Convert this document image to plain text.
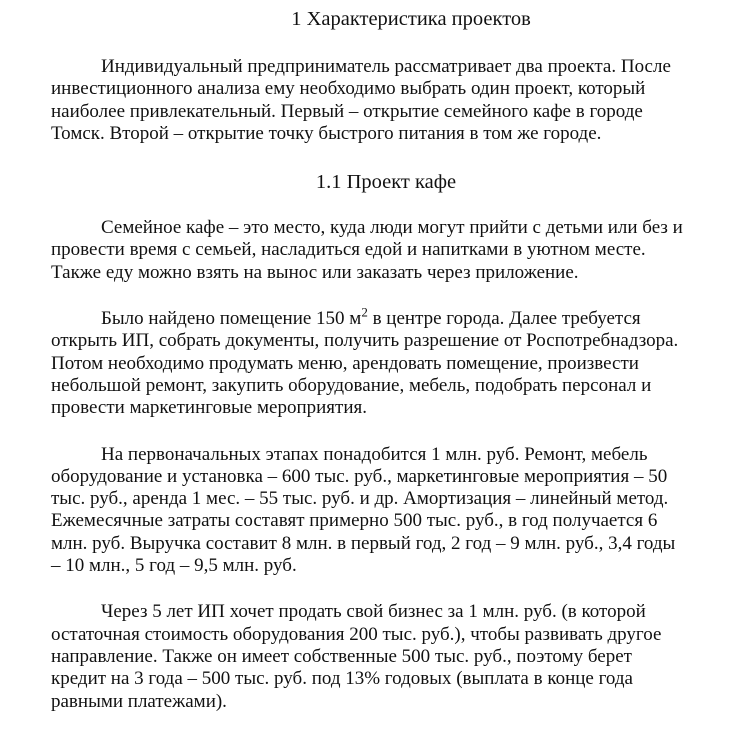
1 Характеристика проектов
Индивидуальный предприниматель рассматривает два проекта. После
инвестиционного анализа ему необходимо выбрать один проект, который
наиболее привлекательный. Первый – открытие семейного кафе в городе
Томск. Второй – открытие точку быстрого питания в том же городе.
1.1 Проект кафе
Семейное кафе – это место, куда люди могут прийти с детьми или без и
провести время с семьей, насладиться едой и напитками в уютном месте.
Также еду можно взять на вынос или заказать через приложение.
Было найдено помещение 150 $м^2$ в центре города. Далее требуется
открыть ИП, собрать документы, получить разрешение от Роспотребнадзора.
Потом необходимо продумать меню, арендовать помещение, произвести
небольшой ремонт, закупить оборудование, мебель, подобрать персонал и
провести маркетинговые мероприятия.
На первоначальных этапах понадобится 1 млн. руб. Ремонт, мебель
оборудование и установка – 600 тыс. руб., маркетинговые мероприятия – 50
тыс. руб., аренда 1 мес. – 55 тыс. руб. и др. Амортизация – линейный метод.
Ежемесячные затраты составят примерно 500 тыс. руб., в год получается 6
млн. руб. Выручка составит 8 млн. в первый год, 2 год – 9 млн. руб., 3,4 годы
– 10 млн., 5 год – 9,5 млн. руб.
Через 5 лет ИП хочет продать свой бизнес за 1 млн. руб. (в которой
остаточная стоимость оборудования 200 тыс. руб.), чтобы развивать другое
направление. Также он имеет собственные 500 тыс. руб., поэтому берет
кредит на 3 года – 500 тыс. руб. под 13% годовых (выплата в конце года
равными платежами).
